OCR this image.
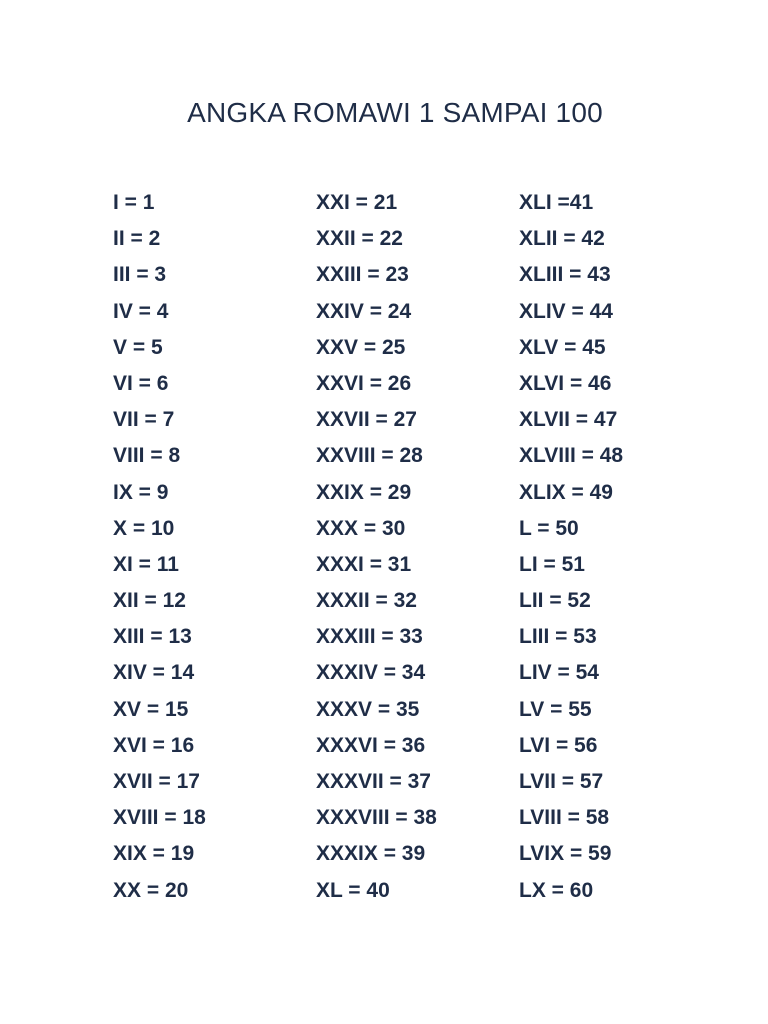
ANGKA ROMAWI 1 SAMPAI 100
I = 1
II = 2
III = 3
IV = 4
V = 5
VI = 6
VII = 7
VIII = 8
IX = 9
X = 10
XI = 11
XII = 12
XIII = 13
XIV = 14
XV = 15
XVI = 16
XVII = 17
XVIII = 18
XIX = 19
XX = 20
XXI = 21
XXII = 22
XXIII = 23
XXIV = 24
XXV = 25
XXVI = 26
XXVII = 27
XXVIII = 28
XXIX = 29
XXX = 30
XXXI = 31
XXXII = 32
XXXIII = 33
XXXIV = 34
XXXV = 35
XXXVI = 36
XXXVII = 37
XXXVIII = 38
XXXIX = 39
XL = 40
XLI =41
XLII = 42
XLIII = 43
XLIV = 44
XLV = 45
XLVI = 46
XLVII = 47
XLVIII = 48
XLIX = 49
L = 50
LI = 51
LII = 52
LIII = 53
LIV = 54
LV = 55
LVI = 56
LVII = 57
LVIII = 58
LVIX = 59
LX = 60
